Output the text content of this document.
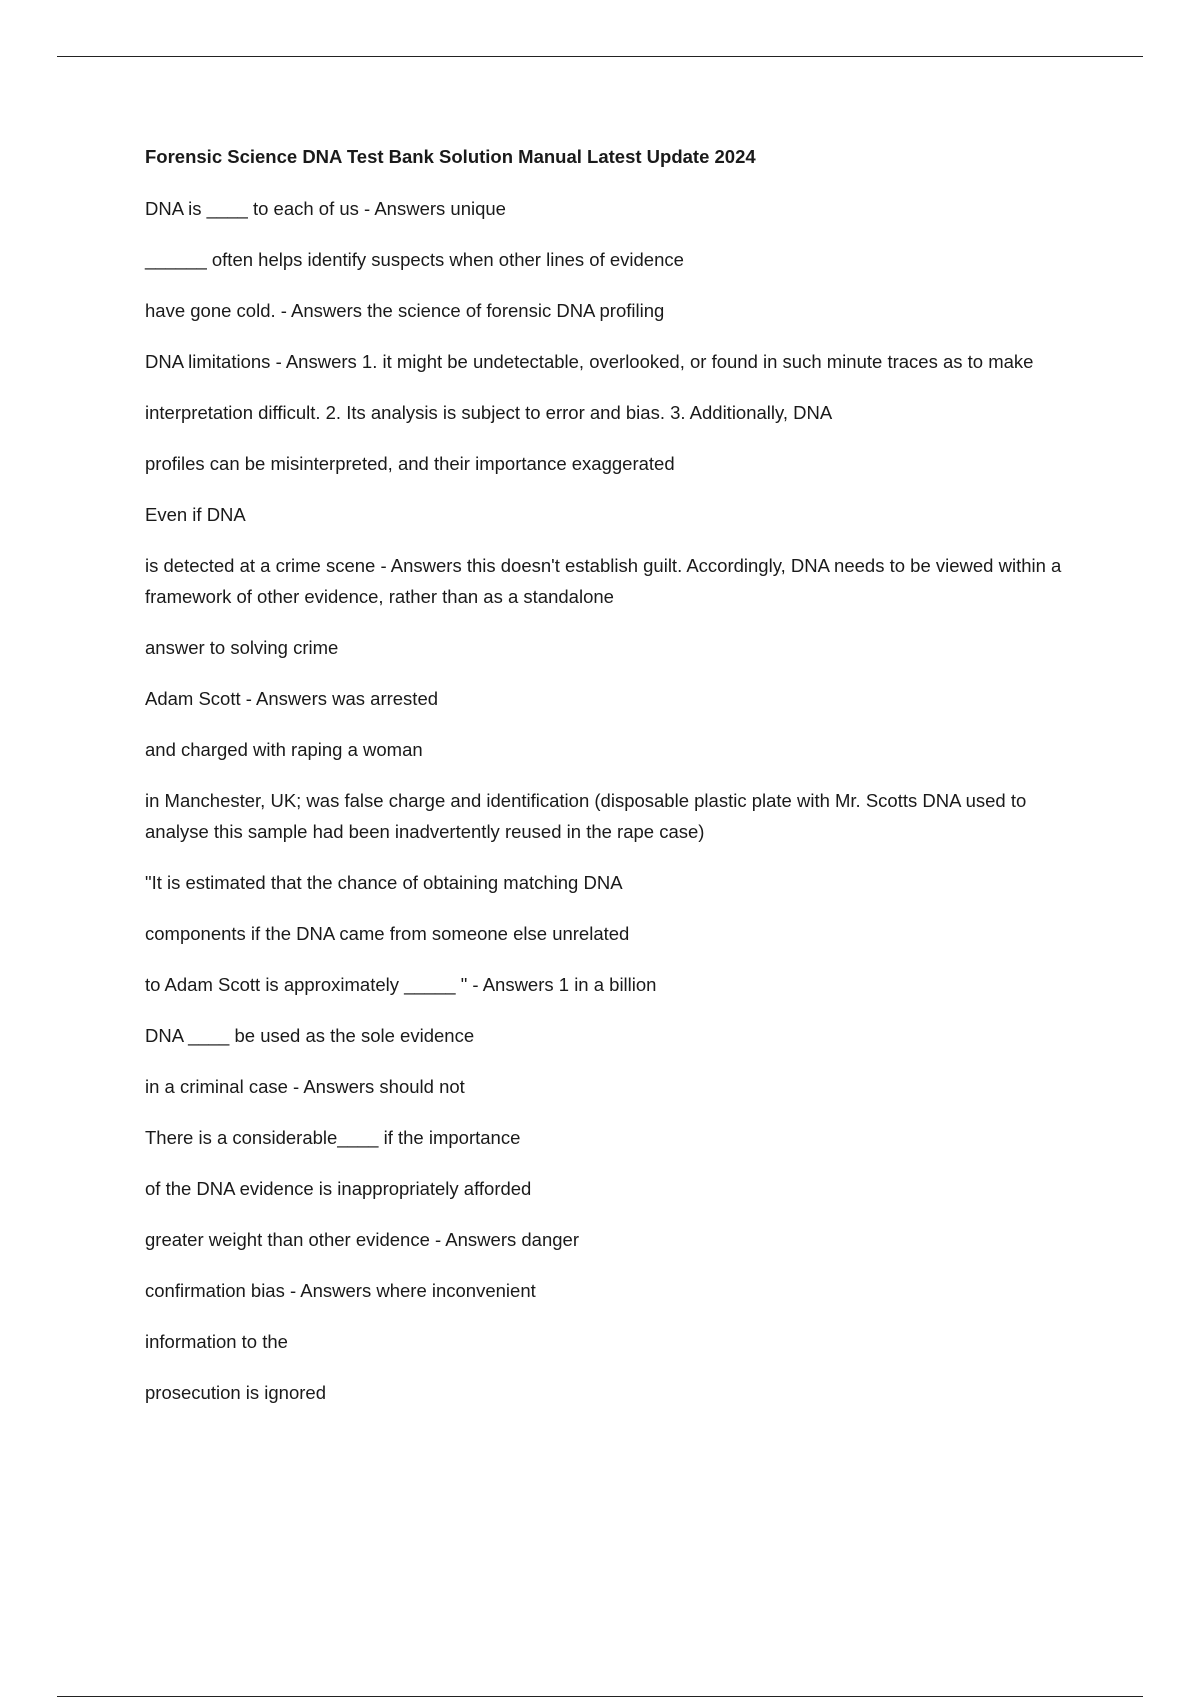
Forensic Science DNA Test Bank Solution Manual Latest Update 2024
DNA is ____ to each of us - Answers unique
______ often helps identify suspects when other lines of evidence
have gone cold. - Answers the science of forensic DNA profiling
DNA limitations - Answers 1. it might be undetectable, overlooked, or found in such minute traces as to make
interpretation difficult. 2. Its analysis is subject to error and bias. 3. Additionally, DNA
profiles can be misinterpreted, and their importance exaggerated
Even if DNA
is detected at a crime scene - Answers this doesn't establish guilt. Accordingly, DNA needs to be viewed within a framework of other evidence, rather than as a standalone
answer to solving crime
Adam Scott - Answers was arrested
and charged with raping a woman
in Manchester, UK; was false charge and identification (disposable plastic plate with Mr. Scotts DNA used to analyse this sample had been inadvertently reused in the rape case)
"It is estimated that the chance of obtaining matching DNA
components if the DNA came from someone else unrelated
to Adam Scott is approximately _____ " - Answers 1 in a billion
DNA ____ be used as the sole evidence
in a criminal case - Answers should not
There is a considerable____ if the importance
of the DNA evidence is inappropriately afforded
greater weight than other evidence - Answers danger
confirmation bias - Answers where inconvenient
information to the
prosecution is ignored
